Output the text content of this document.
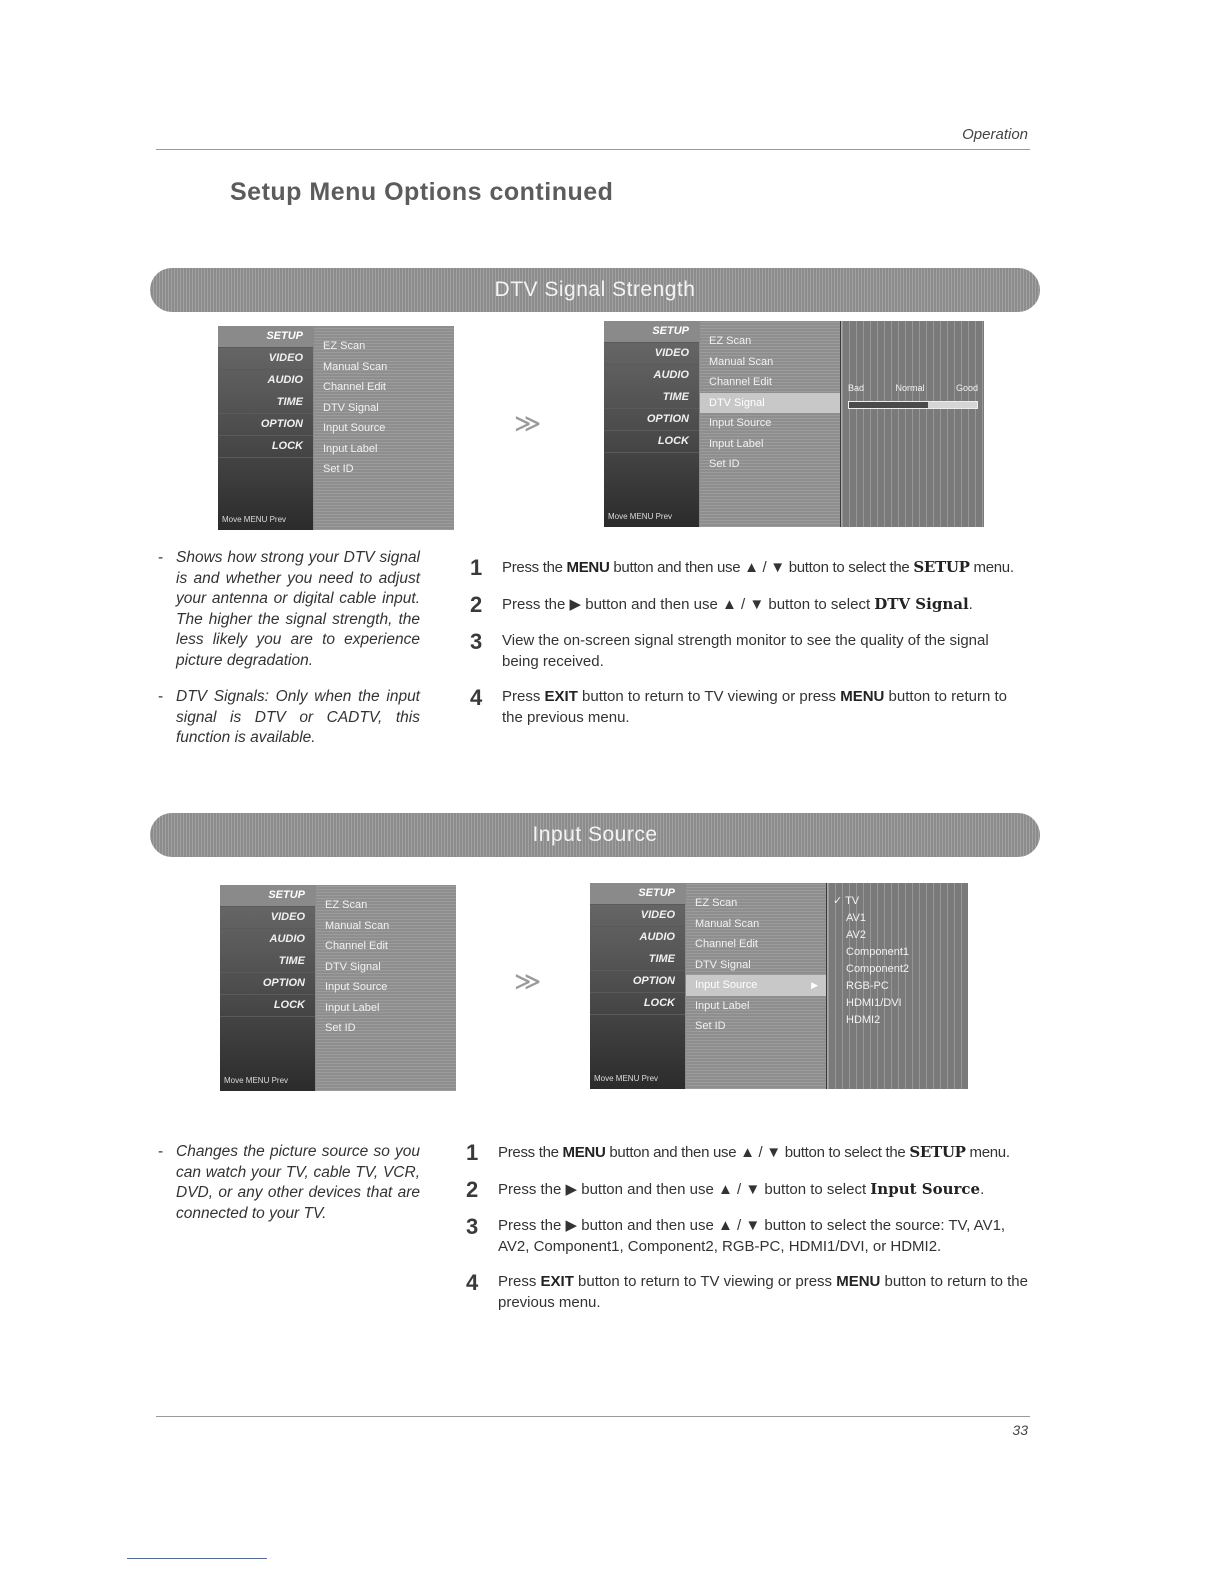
Operation
Setup Menu Options continued
DTV Signal Strength
SETUP
VIDEO
AUDIO
TIME
OPTION
LOCK
Move MENU Prev
EZ Scan
Manual Scan
Channel Edit
DTV Signal
Input Source
Input Label
Set ID
≫
SETUP
VIDEO
AUDIO
TIME
OPTION
LOCK
Move MENU Prev
EZ Scan
Manual Scan
Channel Edit
DTV Signal
Input Source
Input Label
Set ID
Bad	Normal	Good
- Shows how strong your DTV signal is and whether you need to adjust your antenna or digital cable input. The higher the signal strength, the less likely you are to experience picture degradation.
- DTV Signals: Only when the input signal is DTV or CADTV, this function is available.
1	Press the MENU button and then use ▲ / ▼ button to select the SETUP menu.
2	Press the ▶ button and then use ▲ / ▼ button to select DTV Signal.
3	View the on-screen signal strength monitor to see the quality of the signal being received.
4	Press EXIT button to return to TV viewing or press MENU button to return to the previous menu.
Input Source
SETUP
VIDEO
AUDIO
TIME
OPTION
LOCK
Move MENU Prev
EZ Scan
Manual Scan
Channel Edit
DTV Signal
Input Source
Input Label
Set ID
≫
SETUP
VIDEO
AUDIO
TIME
OPTION
LOCK
Move MENU Prev
EZ Scan
Manual Scan
Channel Edit
DTV Signal
Input Source	▶
Input Label
Set ID
✓ TV
AV1
AV2
Component1
Component2
RGB-PC
HDMI1/DVI
HDMI2
- Changes the picture source so you can watch your TV, cable TV, VCR, DVD, or any other devices that are connected to your TV.
1	Press the MENU button and then use ▲ / ▼ button to select the SETUP menu.
2	Press the ▶ button and then use ▲ / ▼ button to select Input Source.
3	Press the ▶ button and then use ▲ / ▼ button to select the source: TV, AV1, AV2, Component1, Component2, RGB-PC, HDMI1/DVI, or HDMI2.
4	Press EXIT button to return to TV viewing or press MENU button to return to the previous menu.
33
